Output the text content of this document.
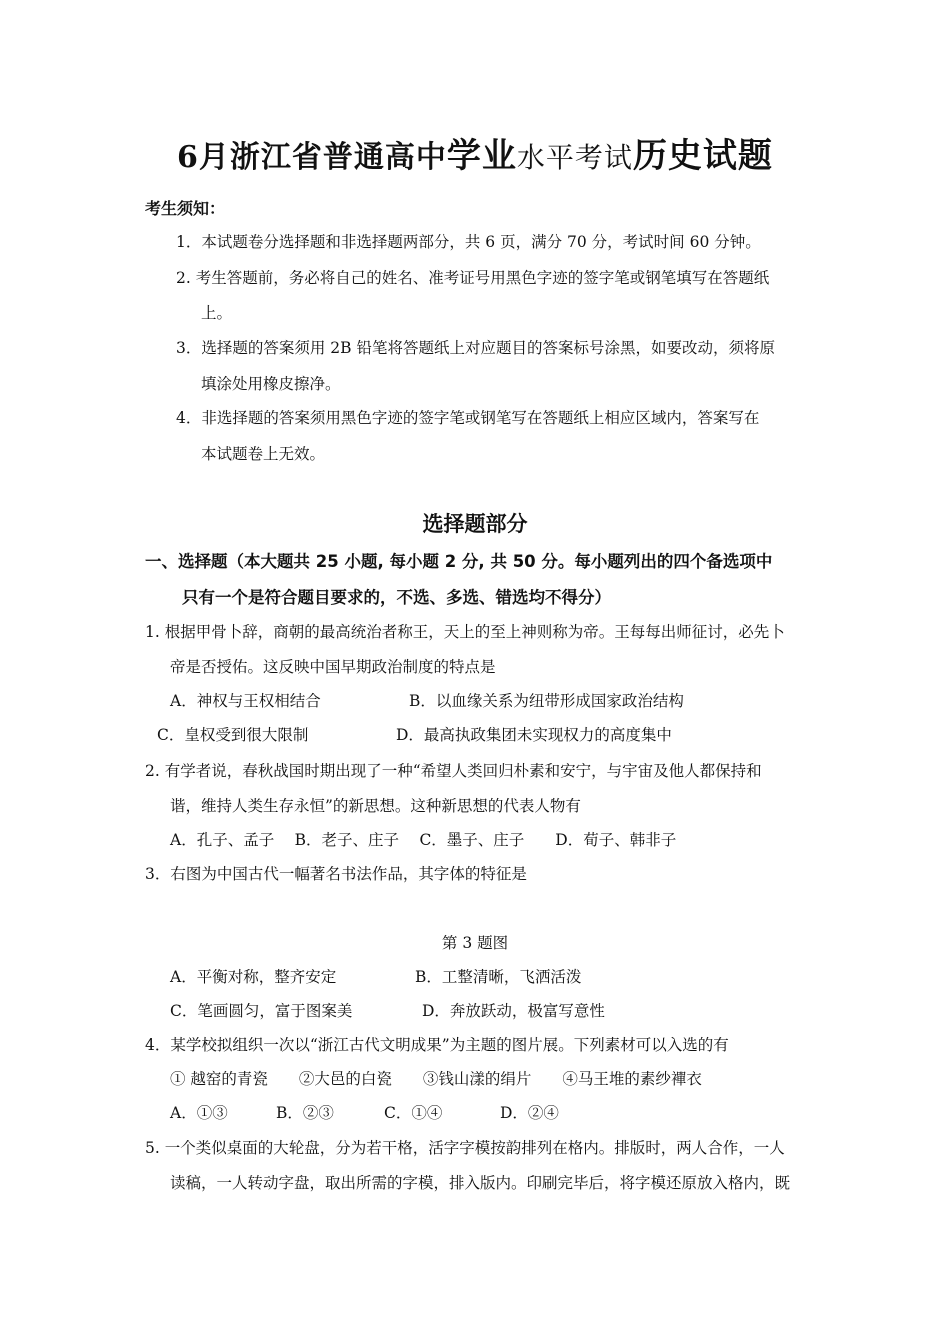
6月浙江省普通高中学业水平考试历史试题
考生须知：
1．本试题卷分选择题和非选择题两部分，共 6 页，满分 70 分，考试时间 60 分钟。
2. 考生答题前，务必将自己的姓名、准考证号用黑色字迹的签字笔或钢笔填写在答题纸
上。
3．选择题的答案须用 2B 铅笔将答题纸上对应题目的答案标号涂黑，如要改动，须将原
填涂处用橡皮擦净。
4．非选择题的答案须用黑色字迹的签字笔或钢笔写在答题纸上相应区域内，答案写在
本试题卷上无效。
选择题部分
一、选择题（本大题共 25 小题, 每小题 2 分, 共 50 分。每小题列出的四个备选项中
只有一个是符合题目要求的，不选、多选、错选均不得分）
1. 根据甲骨卜辞，商朝的最高统治者称王，天上的至上神则称为帝。王每每出师征讨，必先卜
帝是否授佑。这反映中国早期政治制度的特点是
A．神权与王权相结合	B．以血缘关系为纽带形成国家政治结构
C．皇权受到很大限制	D．最高执政集团未实现权力的高度集中
2. 有学者说，春秋战国时期出现了一种“希望人类回归朴素和安宁，与宇宙及他人都保持和
谐，维持人类生存永恒”的新思想。这种新思想的代表人物有
A．孔子、孟子　 B．老子、庄子　 C．墨子、庄子　　D．荀子、韩非子
3．右图为中国古代一幅著名书法作品，其字体的特征是
第 3 题图
A．平衡对称，整齐安定	B．工整清晰，飞洒活泼
C．笔画圆匀，富于图案美	D．奔放跃动，极富写意性
4．某学校拟组织一次以“浙江古代文明成果”为主题的图片展。下列素材可以入选的有
① 越窑的青瓷　　②大邑的白瓷　　③钱山漾的绢片　　④马王堆的素纱襌衣
A．①③	B．②③	C．①④	D．②④
5. 一个类似桌面的大轮盘，分为若干格，活字字模按韵排列在格内。排版时，两人合作，一人
读稿，一人转动字盘，取出所需的字模，排入版内。印刷完毕后，将字模还原放入格内，既
